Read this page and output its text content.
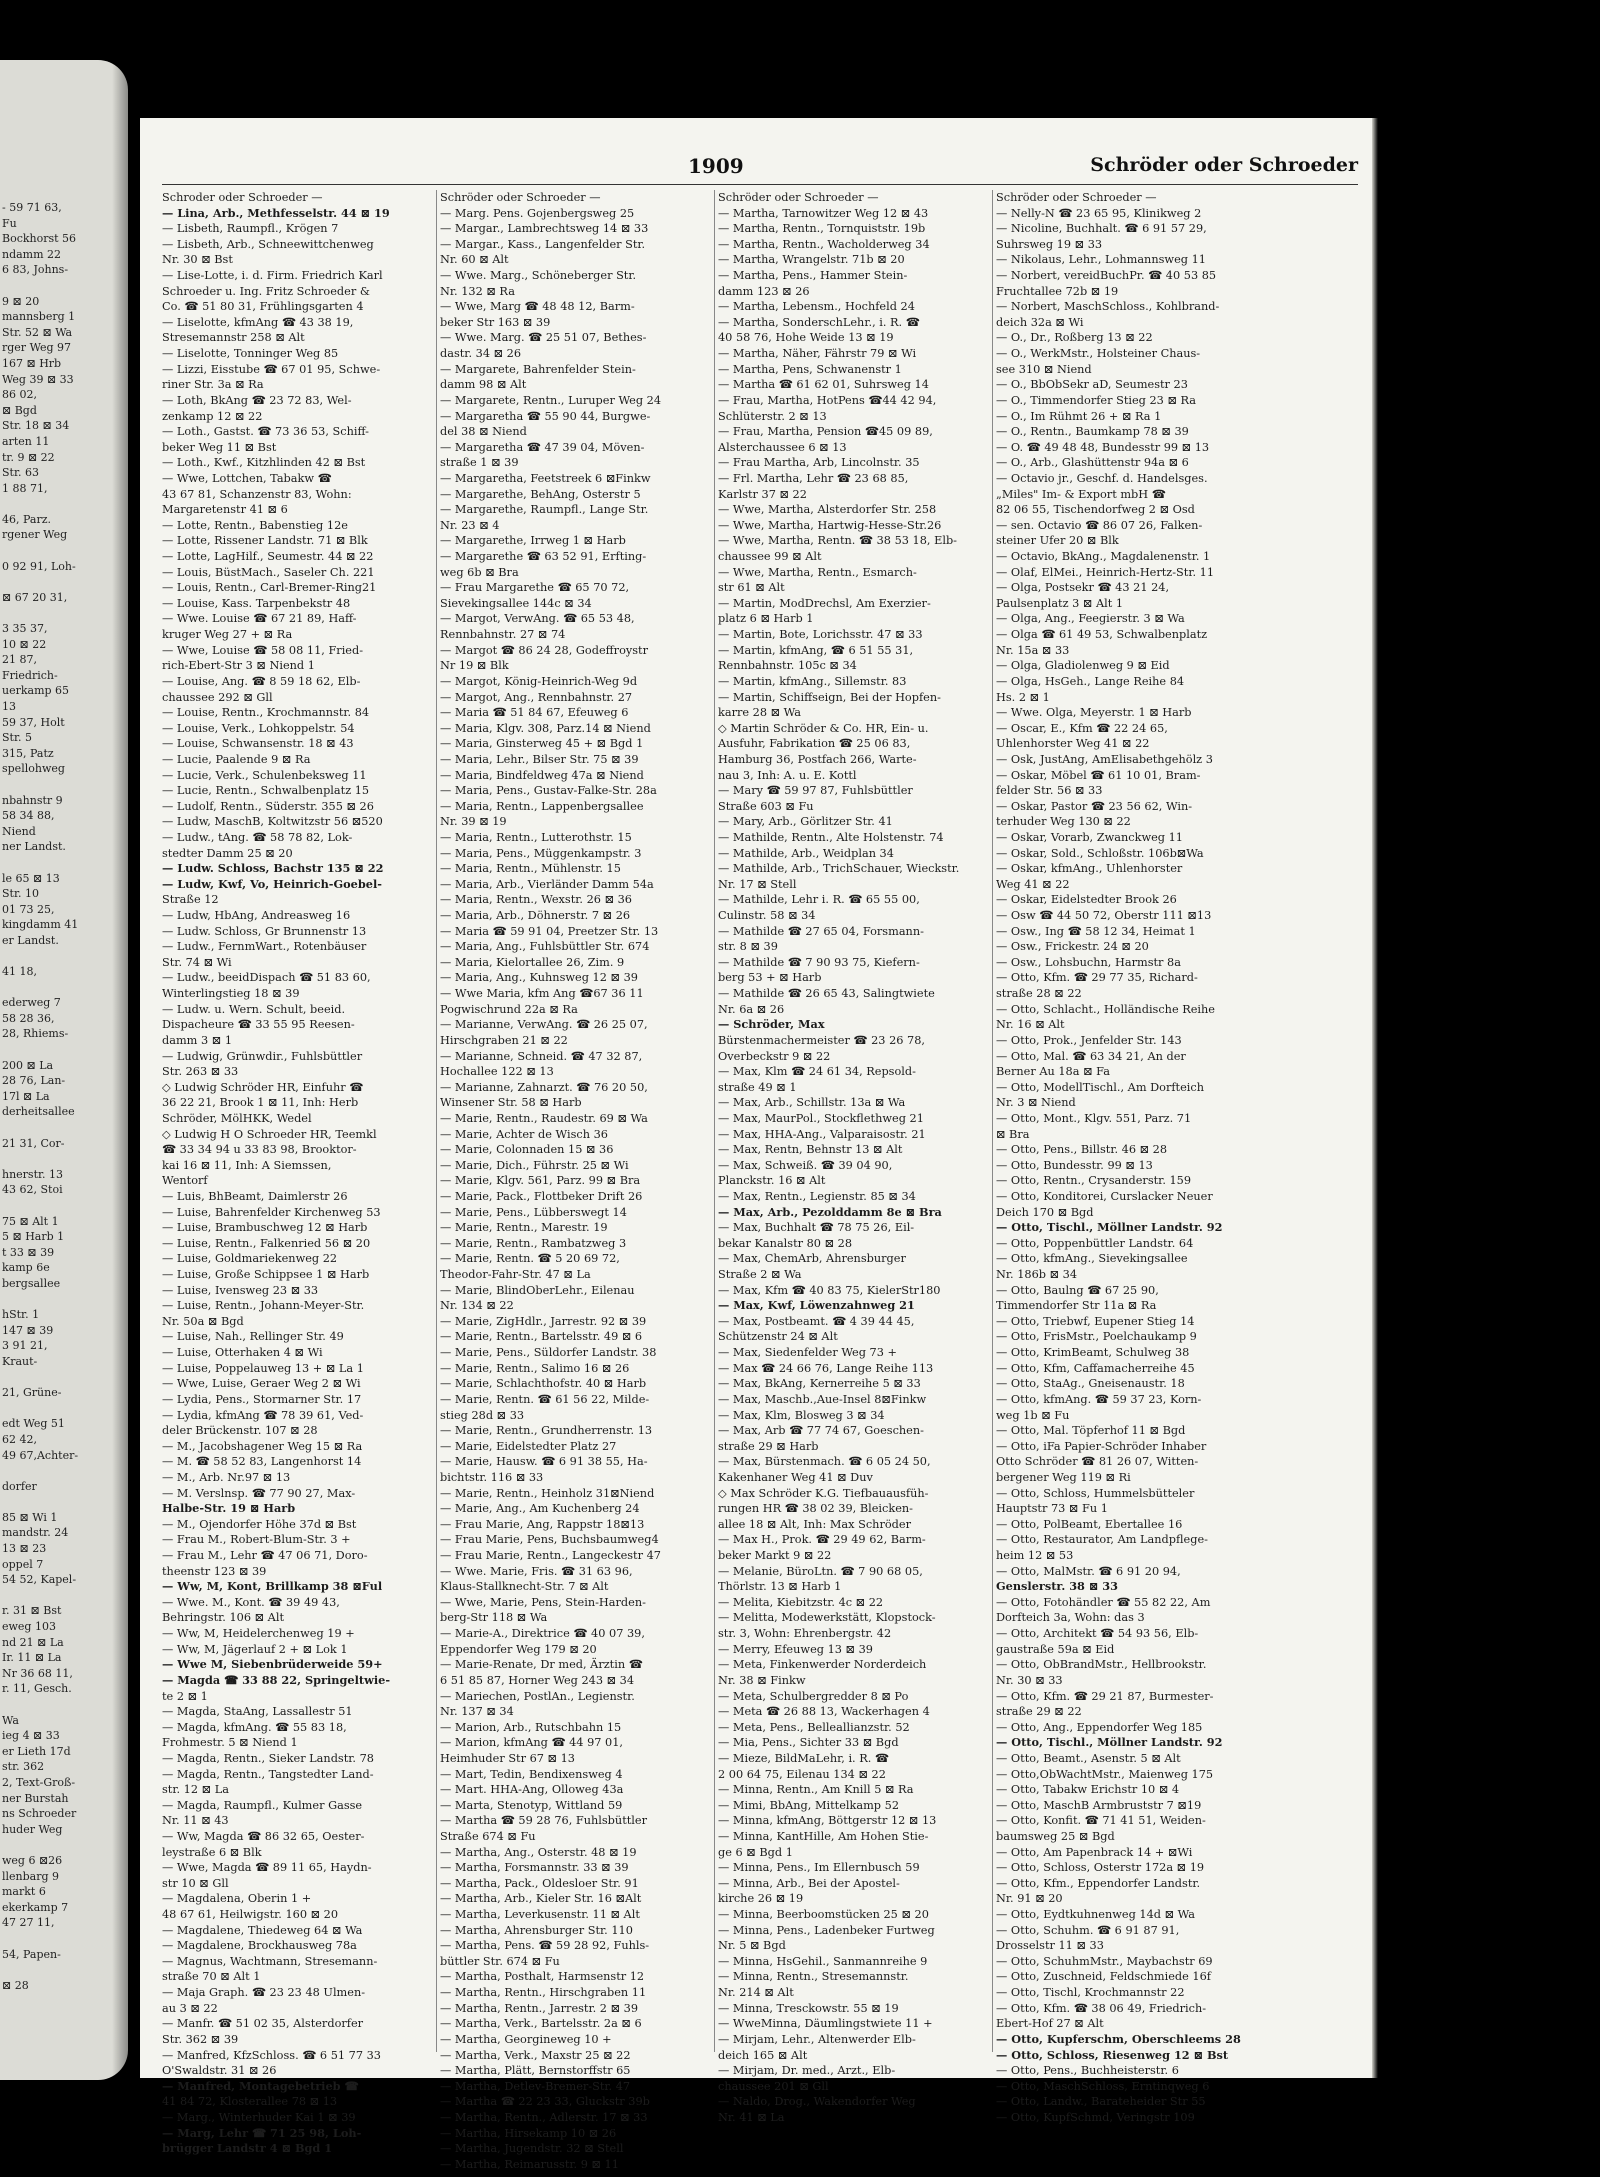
- 59 71 63,
Fu
Bockhorst 56
ndamm 22
6 83, Johns-
9 ⊠ 20
mannsberg 1
Str. 52 ⊠ Wa
rger Weg 97
167 ⊠ Hrb
Weg 39 ⊠ 33
86 02,
⊠ Bgd
Str. 18 ⊠ 34
arten 11
tr. 9 ⊠ 22
Str. 63
1 88 71,
46, Parz.
rgener Weg
0 92 91, Loh-
⊠ 67 20 31,
3 35 37,
10 ⊠ 22
21 87,
Friedrich-
uerkamp 65
13
59 37, Holt
Str. 5
315, Patz
spellohweg
nbahnstr 9
58 34 88,
Niend
ner Landst.
le 65 ⊠ 13
Str. 10
01 73 25,
kingdamm 41
er Landst.
41 18,
ederweg 7
58 28 36,
28, Rhiems-
200 ⊠ La
28 76, Lan-
17l ⊠ La
derheitsallee
21 31, Cor-
hnerstr. 13
43 62, Stoi
75 ⊠ Alt 1
5 ⊠ Harb 1
t 33 ⊠ 39
kamp 6e
bergsallee
hStr. 1
147 ⊠ 39
3 91 21,
Kraut-
21, Grüne-
edt Weg 51
62 42,
49 67,Achter-
dorfer
85 ⊠ Wi 1
mandstr. 24
13 ⊠ 23
oppel 7
54 52, Kapel-
r. 31 ⊠ Bst
eweg 103
nd 21 ⊠ La
Ir. 11 ⊠ La
Nr 36 68 11,
r. 11, Gesch.
Wa
ieg 4 ⊠ 33
er Lieth 17d
str. 362
2, Text-Groß-
ner Burstah
ns Schroeder
huder Weg
weg 6 ⊠26
llenbarg 9
markt 6
ekerkamp 7
47 27 11,
54, Papen-
⊠ 28
1909	Schröder oder Schroeder
Schroder oder Schroeder —
— Lina, Arb., Methfesselstr. 44 ⊠ 19
— Lisbeth, Raumpfl., Krögen 7
— Lisbeth, Arb., Schneewittchenweg
Nr. 30 ⊠ Bst
— Lise-Lotte, i. d. Firm. Friedrich Karl
Schroeder u. Ing. Fritz Schroeder &
Co. ☎ 51 80 31, Frühlingsgarten 4
— Liselotte, kfmAng ☎ 43 38 19,
Stresemannstr 258 ⊠ Alt
— Liselotte, Tonninger Weg 85
— Lizzi, Eisstube ☎ 67 01 95, Schwe-
riner Str. 3a ⊠ Ra
— Loth, BkAng ☎ 23 72 83, Wel-
zenkamp 12 ⊠ 22
— Loth., Gastst. ☎ 73 36 53, Schiff-
beker Weg 11 ⊠ Bst
— Loth., Kwf., Kitzhlinden 42 ⊠ Bst
— Wwe, Lottchen, Tabakw ☎
43 67 81, Schanzenstr 83, Wohn:
Margaretenstr 41 ⊠ 6
— Lotte, Rentn., Babenstieg 12e
— Lotte, Rissener Landstr. 71 ⊠ Blk
— Lotte, LagHilf., Seumestr. 44 ⊠ 22
— Louis, BüstMach., Saseler Ch. 221
— Louis, Rentn., Carl-Bremer-Ring21
— Louise, Kass. Tarpenbekstr 48
— Wwe. Louise ☎ 67 21 89, Haff-
kruger Weg 27 + ⊠ Ra
— Wwe, Louise ☎ 58 08 11, Fried-
rich-Ebert-Str 3 ⊠ Niend 1
— Louise, Ang. ☎ 8 59 18 62, Elb-
chaussee 292 ⊠ Gll
— Louise, Rentn., Krochmannstr. 84
— Louise, Verk., Lohkoppelstr. 54
— Louise, Schwansenstr. 18 ⊠ 43
— Lucie, Paalende 9 ⊠ Ra
— Lucie, Verk., Schulenbeksweg 11
— Lucie, Rentn., Schwalbenplatz 15
— Ludolf, Rentn., Süderstr. 355 ⊠ 26
— Ludw, MaschB, Koltwitzstr 56 ⊠520
— Ludw., tAng. ☎ 58 78 82, Lok-
stedter Damm 25 ⊠ 20
— Ludw. Schloss, Bachstr 135 ⊠ 22
— Ludw, Kwf, Vo, Heinrich-Goebel-
Straße 12
— Ludw, HbAng, Andreasweg 16
— Ludw. Schloss, Gr Brunnenstr 13
— Ludw., FernmWart., Rotenbäuser
Str. 74 ⊠ Wi
— Ludw., beeidDispach ☎ 51 83 60,
Winterlingstieg 18 ⊠ 39
— Ludw. u. Wern. Schult, beeid.
Dispacheure ☎ 33 55 95 Reesen-
damm 3 ⊠ 1
— Ludwig, Grünwdir., Fuhlsbüttler
Str. 263 ⊠ 33
◇ Ludwig Schröder HR, Einfuhr ☎
36 22 21, Brook 1 ⊠ 11, Inh: Herb
Schröder, MölHKK, Wedel
◇ Ludwig H O Schroeder HR, Teemkl
☎ 33 34 94 u 33 83 98, Brooktor-
kai 16 ⊠ 11, Inh: A Siemssen,
Wentorf
— Luis, BhBeamt, Daimlerstr 26
— Luise, Bahrenfelder Kirchenweg 53
— Luise, Brambuschweg 12 ⊠ Harb
— Luise, Rentn., Falkenried 56 ⊠ 20
— Luise, Goldmariekenweg 22
— Luise, Große Schippsee 1 ⊠ Harb
— Luise, Ivensweg 23 ⊠ 33
— Luise, Rentn., Johann-Meyer-Str.
Nr. 50a ⊠ Bgd
— Luise, Nah., Rellinger Str. 49
— Luise, Otterhaken 4 ⊠ Wi
— Luise, Poppelauweg 13 + ⊠ La 1
— Wwe, Luise, Geraer Weg 2 ⊠ Wi
— Lydia, Pens., Stormarner Str. 17
— Lydia, kfmAng ☎ 78 39 61, Ved-
deler Brückenstr. 107 ⊠ 28
— M., Jacobshagener Weg 15 ⊠ Ra
— M. ☎ 58 52 83, Langenhorst 14
— M., Arb. Nr.97 ⊠ 13
— M. Verslnsp. ☎ 77 90 27, Max-
Halbe-Str. 19 ⊠ Harb
— M., Ojendorfer Höhe 37d ⊠ Bst
— Frau M., Robert-Blum-Str. 3 +
— Frau M., Lehr ☎ 47 06 71, Doro-
theenstr 123 ⊠ 39
— Ww, M, Kont, Brillkamp 38 ⊠Ful
— Wwe. M., Kont. ☎ 39 49 43,
Behringstr. 106 ⊠ Alt
— Ww, M, Heidelerchenweg 19 +
— Ww, M, Jägerlauf 2 + ⊠ Lok 1
— Wwe M, Siebenbrüderweide 59+
— Magda ☎ 33 88 22, Springeltwie-
te 2 ⊠ 1
— Magda, StaAng, Lassallestr 51
— Magda, kfmAng. ☎ 55 83 18,
Frohmestr. 5 ⊠ Niend 1
— Magda, Rentn., Sieker Landstr. 78
— Magda, Rentn., Tangstedter Land-
str. 12 ⊠ La
— Magda, Raumpfl., Kulmer Gasse
Nr. 11 ⊠ 43
— Ww, Magda ☎ 86 32 65, Oester-
leystraße 6 ⊠ Blk
— Wwe, Magda ☎ 89 11 65, Haydn-
str 10 ⊠ Gll
— Magdalena, Oberin 1 +
48 67 61, Heilwigstr. 160 ⊠ 20
— Magdalene, Thiedeweg 64 ⊠ Wa
— Magdalene, Brockhausweg 78a
— Magnus, Wachtmann, Stresemann-
straße 70 ⊠ Alt 1
— Maja Graph. ☎ 23 23 48 Ulmen-
au 3 ⊠ 22
— Manfr. ☎ 51 02 35, Alsterdorfer
Str. 362 ⊠ 39
— Manfred, KfzSchloss. ☎ 6 51 77 33
O'Swaldstr. 31 ⊠ 26
— Manfred, Montagebetrieb ☎
41 84 72, Klosterallee 78 ⊠ 13
— Marg., Winterhuder Kai 1 ⊠ 39
— Marg, Lehr ☎ 71 25 98, Loh-
brügger Landstr 4 ⊠ Bgd 1
Schröder oder Schroeder —
— Marg. Pens. Gojenbergsweg 25
— Margar., Lambrechtsweg 14 ⊠ 33
— Margar., Kass., Langenfelder Str.
Nr. 60 ⊠ Alt
— Wwe. Marg., Schöneberger Str.
Nr. 132 ⊠ Ra
— Wwe, Marg ☎ 48 48 12, Barm-
beker Str 163 ⊠ 39
— Wwe. Marg. ☎ 25 51 07, Bethes-
dastr. 34 ⊠ 26
— Margarete, Bahrenfelder Stein-
damm 98 ⊠ Alt
— Margarete, Rentn., Luruper Weg 24
— Margaretha ☎ 55 90 44, Burgwe-
del 38 ⊠ Niend
— Margaretha ☎ 47 39 04, Möven-
straße 1 ⊠ 39
— Margaretha, Feetstreek 6 ⊠Finkw
— Margarethe, BehAng, Osterstr 5
— Margarethe, Raumpfl., Lange Str.
Nr. 23 ⊠ 4
— Margarethe, Irrweg 1 ⊠ Harb
— Margarethe ☎ 63 52 91, Erfting-
weg 6b ⊠ Bra
— Frau Margarethe ☎ 65 70 72,
Sievekingsallee 144c ⊠ 34
— Margot, VerwAng. ☎ 65 53 48,
Rennbahnstr. 27 ⊠ 74
— Margot ☎ 86 24 28, Godeffroystr
Nr 19 ⊠ Blk
— Margot, König-Heinrich-Weg 9d
— Margot, Ang., Rennbahnstr. 27
— Maria ☎ 51 84 67, Efeuweg 6
— Maria, Klgv. 308, Parz.14 ⊠ Niend
— Maria, Ginsterweg 45 + ⊠ Bgd 1
— Maria, Lehr., Bilser Str. 75 ⊠ 39
— Maria, Bindfeldweg 47a ⊠ Niend
— Maria, Pens., Gustav-Falke-Str. 28a
— Maria, Rentn., Lappenbergsallee
Nr. 39 ⊠ 19
— Maria, Rentn., Lutterothstr. 15
— Maria, Pens., Müggenkampstr. 3
— Maria, Rentn., Mühlenstr. 15
— Maria, Arb., Vierländer Damm 54a
— Maria, Rentn., Wexstr. 26 ⊠ 36
— Maria, Arb., Döhnerstr. 7 ⊠ 26
— Maria ☎ 59 91 04, Preetzer Str. 13
— Maria, Ang., Fuhlsbüttler Str. 674
— Maria, Kielortallee 26, Zim. 9
— Maria, Ang., Kuhnsweg 12 ⊠ 39
— Wwe Maria, kfm Ang ☎67 36 11
Pogwischrund 22a ⊠ Ra
— Marianne, VerwAng. ☎ 26 25 07,
Hirschgraben 21 ⊠ 22
— Marianne, Schneid. ☎ 47 32 87,
Hochallee 122 ⊠ 13
— Marianne, Zahnarzt. ☎ 76 20 50,
Winsener Str. 58 ⊠ Harb
— Marie, Rentn., Raudestr. 69 ⊠ Wa
— Marie, Achter de Wisch 36
— Marie, Colonnaden 15 ⊠ 36
— Marie, Dich., Führstr. 25 ⊠ Wi
— Marie, Klgv. 561, Parz. 99 ⊠ Bra
— Marie, Pack., Flottbeker Drift 26
— Marie, Pens., Lübberswegt 14
— Marie, Rentn., Marestr. 19
— Marie, Rentn., Rambatzweg 3
— Marie, Rentn. ☎ 5 20 69 72,
Theodor-Fahr-Str. 47 ⊠ La
— Marie, BlindOberLehr., Eilenau
Nr. 134 ⊠ 22
— Marie, ZigHdlr., Jarrestr. 92 ⊠ 39
— Marie, Rentn., Bartelsstr. 49 ⊠ 6
— Marie, Pens., Süldorfer Landstr. 38
— Marie, Rentn., Salimo 16 ⊠ 26
— Marie, Schlachthofstr. 40 ⊠ Harb
— Marie, Rentn. ☎ 61 56 22, Milde-
stieg 28d ⊠ 33
— Marie, Rentn., Grundherrenstr. 13
— Marie, Eidelstedter Platz 27
— Marie, Hausw. ☎ 6 91 38 55, Ha-
bichtstr. 116 ⊠ 33
— Marie, Rentn., Heinholz 31⊠Niend
— Marie, Ang., Am Kuchenberg 24
— Frau Marie, Ang, Rappstr 18⊠13
— Frau Marie, Pens, Buchsbaumweg4
— Frau Marie, Rentn., Langeckestr 47
— Wwe. Marie, Fris. ☎ 31 63 96,
Klaus-Stallknecht-Str. 7 ⊠ Alt
— Wwe, Marie, Pens, Stein-Harden-
berg-Str 118 ⊠ Wa
— Marie-A., Direktrice ☎ 40 07 39,
Eppendorfer Weg 179 ⊠ 20
— Marie-Renate, Dr med, Ärztin ☎
6 51 85 87, Horner Weg 243 ⊠ 34
— Mariechen, PostlAn., Legienstr.
Nr. 137 ⊠ 34
— Marion, Arb., Rutschbahn 15
— Marion, kfmAng ☎ 44 97 01,
Heimhuder Str 67 ⊠ 13
— Mart, Tedin, Bendixensweg 4
— Mart. HHA-Ang, Olloweg 43a
— Marta, Stenotyp, Wittland 59
— Martha ☎ 59 28 76, Fuhlsbüttler
Straße 674 ⊠ Fu
— Martha, Ang., Osterstr. 48 ⊠ 19
— Martha, Forsmannstr. 33 ⊠ 39
— Martha, Pack., Oldesloer Str. 91
— Martha, Arb., Kieler Str. 16 ⊠Alt
— Martha, Leverkusenstr. 11 ⊠ Alt
— Martha, Ahrensburger Str. 110
— Martha, Pens. ☎ 59 28 92, Fuhls-
büttler Str. 674 ⊠ Fu
— Martha, Posthalt, Harmsenstr 12
— Martha, Rentn., Hirschgraben 11
— Martha, Rentn., Jarrestr. 2 ⊠ 39
— Martha, Verk., Bartelsstr. 2a ⊠ 6
— Martha, Georgineweg 10 +
— Martha, Verk., Maxstr 25 ⊠ 22
— Martha, Plätt, Bernstorffstr 65
— Martha, Detlev-Bremer-Str. 47
— Martha ☎ 22 23 33, Gluckstr 39b
— Martha, Rentn., Adlerstr. 17 ⊠ 33
— Martha, Hirsekamp 10 ⊠ 26
— Martha, Jugendstr. 32 ⊠ Stell
— Martha, Reimarusstr. 9 ⊠ 11
Schröder oder Schroeder —
— Martha, Tarnowitzer Weg 12 ⊠ 43
— Martha, Rentn., Tornquiststr. 19b
— Martha, Rentn., Wacholderweg 34
— Martha, Wrangelstr. 71b ⊠ 20
— Martha, Pens., Hammer Stein-
damm 123 ⊠ 26
— Martha, Lebensm., Hochfeld 24
— Martha, SonderschLehr., i. R. ☎
40 58 76, Hohe Weide 13 ⊠ 19
— Martha, Näher, Fährstr 79 ⊠ Wi
— Martha, Pens, Schwanenstr 1
— Martha ☎ 61 62 01, Suhrsweg 14
— Frau, Martha, HotPens ☎44 42 94,
Schlüterstr. 2 ⊠ 13
— Frau, Martha, Pension ☎45 09 89,
Alsterchaussee 6 ⊠ 13
— Frau Martha, Arb, Lincolnstr. 35
— Frl. Martha, Lehr ☎ 23 68 85,
Karlstr 37 ⊠ 22
— Wwe, Martha, Alsterdorfer Str. 258
— Wwe, Martha, Hartwig-Hesse-Str.26
— Wwe, Martha, Rentn. ☎ 38 53 18, Elb-
chaussee 99 ⊠ Alt
— Wwe, Martha, Rentn., Esmarch-
str 61 ⊠ Alt
— Martin, ModDrechsl, Am Exerzier-
platz 6 ⊠ Harb 1
— Martin, Bote, Lorichsstr. 47 ⊠ 33
— Martin, kfmAng, ☎ 6 51 55 31,
Rennbahnstr. 105c ⊠ 34
— Martin, kfmAng., Sillemstr. 83
— Martin, Schiffseign, Bei der Hopfen-
karre 28 ⊠ Wa
◇ Martin Schröder & Co. HR, Ein- u.
Ausfuhr, Fabrikation ☎ 25 06 83,
Hamburg 36, Postfach 266, Warte-
nau 3, Inh: A. u. E. Kottl
— Mary ☎ 59 97 87, Fuhlsbüttler
Straße 603 ⊠ Fu
— Mary, Arb., Görlitzer Str. 41
— Mathilde, Rentn., Alte Holstenstr. 74
— Mathilde, Arb., Weidplan 34
— Mathilde, Arb., TrichSchauer, Wieckstr.
Nr. 17 ⊠ Stell
— Mathilde, Lehr i. R. ☎ 65 55 00,
Culinstr. 58 ⊠ 34
— Mathilde ☎ 27 65 04, Forsmann-
str. 8 ⊠ 39
— Mathilde ☎ 7 90 93 75, Kiefern-
berg 53 + ⊠ Harb
— Mathilde ☎ 26 65 43, Salingtwiete
Nr. 6a ⊠ 26
— Schröder, Max
Bürstenmachermeister ☎ 23 26 78,
Overbeckstr 9 ⊠ 22
— Max, Klm ☎ 24 61 34, Repsold-
straße 49 ⊠ 1
— Max, Arb., Schillstr. 13a ⊠ Wa
— Max, MaurPol., Stockflethweg 21
— Max, HHA-Ang., Valparaisostr. 21
— Max, Rentn, Behnstr 13 ⊠ Alt
— Max, Schweiß. ☎ 39 04 90,
Planckstr. 16 ⊠ Alt
— Max, Rentn., Legienstr. 85 ⊠ 34
— Max, Arb., Pezolddamm 8e ⊠ Bra
— Max, Buchhalt ☎ 78 75 26, Eil-
bekar Kanalstr 80 ⊠ 28
— Max, ChemArb, Ahrensburger
Straße 2 ⊠ Wa
— Max, Kfm ☎ 40 83 75, KielerStr180
— Max, Kwf, Löwenzahnweg 21
— Max, Postbeamt. ☎ 4 39 44 45,
Schützenstr 24 ⊠ Alt
— Max, Siedenfelder Weg 73 +
— Max ☎ 24 66 76, Lange Reihe 113
— Max, BkAng, Kernerreihe 5 ⊠ 33
— Max, Maschb.,Aue-Insel 8⊠Finkw
— Max, Klm, Blosweg 3 ⊠ 34
— Max, Arb ☎ 77 74 67, Goeschen-
straße 29 ⊠ Harb
— Max, Bürstenmach. ☎ 6 05 24 50,
Kakenhaner Weg 41 ⊠ Duv
◇ Max Schröder K.G. Tiefbauausfüh-
rungen HR ☎ 38 02 39, Bleicken-
allee 18 ⊠ Alt, Inh: Max Schröder
— Max H., Prok. ☎ 29 49 62, Barm-
beker Markt 9 ⊠ 22
— Melanie, BüroLtn. ☎ 7 90 68 05,
Thörlstr. 13 ⊠ Harb 1
— Melita, Kiebitzstr. 4c ⊠ 22
— Melitta, Modewerkstätt, Klopstock-
str. 3, Wohn: Ehrenbergstr. 42
— Merry, Efeuweg 13 ⊠ 39
— Meta, Finkenwerder Norderdeich
Nr. 38 ⊠ Finkw
— Meta, Schulbergredder 8 ⊠ Po
— Meta ☎ 26 88 13, Wackerhagen 4
— Meta, Pens., Belleallianzstr. 52
— Mia, Pens., Sichter 33 ⊠ Bgd
— Mieze, BildMaLehr, i. R. ☎
2 00 64 75, Eilenau 134 ⊠ 22
— Minna, Rentn., Am Knill 5 ⊠ Ra
— Mimi, BbAng, Mittelkamp 52
— Minna, kfmAng, Böttgerstr 12 ⊠ 13
— Minna, KantHille, Am Hohen Stie-
ge 6 ⊠ Bgd 1
— Minna, Pens., Im Ellernbusch 59
— Minna, Arb., Bei der Apostel-
kirche 26 ⊠ 19
— Minna, Beerboomstücken 25 ⊠ 20
— Minna, Pens., Ladenbeker Furtweg
Nr. 5 ⊠ Bgd
— Minna, HsGehil., Sanmannreihe 9
— Minna, Rentn., Stresemannstr.
Nr. 214 ⊠ Alt
— Minna, Tresckowstr. 55 ⊠ 19
— WweMinna, Däumlingstwiete 11 +
— Mirjam, Lehr., Altenwerder Elb-
deich 165 ⊠ Alt
— Mirjam, Dr. med., Arzt., Elb-
chaussee 201 ⊠ Gll
— Naldo, Drog., Wakendorfer Weg
Nr. 41 ⊠ La
Schröder oder Schroeder —
— Nelly-N ☎ 23 65 95, Klinikweg 2
— Nicoline, Buchhalt. ☎ 6 91 57 29,
Suhrsweg 19 ⊠ 33
— Nikolaus, Lehr., Lohmannsweg 11
— Norbert, vereidBuchPr. ☎ 40 53 85
Fruchtallee 72b ⊠ 19
— Norbert, MaschSchloss., Kohlbrand-
deich 32a ⊠ Wi
— O., Dr., Roßberg 13 ⊠ 22
— O., WerkMstr., Holsteiner Chaus-
see 310 ⊠ Niend
— O., BbObSekr aD, Seumestr 23
— O., Timmendorfer Stieg 23 ⊠ Ra
— O., Im Rühmt 26 + ⊠ Ra 1
— O., Rentn., Baumkamp 78 ⊠ 39
— O. ☎ 49 48 48, Bundesstr 99 ⊠ 13
— O., Arb., Glashüttenstr 94a ⊠ 6
— Octavio jr., Geschf. d. Handelsges.
„Miles" Im- & Export mbH ☎
82 06 55, Tischendorfweg 2 ⊠ Osd
— sen. Octavio ☎ 86 07 26, Falken-
steiner Ufer 20 ⊠ Blk
— Octavio, BkAng., Magdalenenstr. 1
— Olaf, ElMei., Heinrich-Hertz-Str. 11
— Olga, Postsekr ☎ 43 21 24,
Paulsenplatz 3 ⊠ Alt 1
— Olga, Ang., Feegierstr. 3 ⊠ Wa
— Olga ☎ 61 49 53, Schwalbenplatz
Nr. 15a ⊠ 33
— Olga, Gladiolenweg 9 ⊠ Eid
— Olga, HsGeh., Lange Reihe 84
Hs. 2 ⊠ 1
— Wwe. Olga, Meyerstr. 1 ⊠ Harb
— Oscar, E., Kfm ☎ 22 24 65,
Uhlenhorster Weg 41 ⊠ 22
— Osk, JustAng, AmElisabethgehölz 3
— Oskar, Möbel ☎ 61 10 01, Bram-
felder Str. 56 ⊠ 33
— Oskar, Pastor ☎ 23 56 62, Win-
terhuder Weg 130 ⊠ 22
— Oskar, Vorarb, Zwanckweg 11
— Oskar, Sold., Schloßstr. 106b⊠Wa
— Oskar, kfmAng., Uhlenhorster
Weg 41 ⊠ 22
— Oskar, Eidelstedter Brook 26
— Osw ☎ 44 50 72, Oberstr 111 ⊠13
— Osw., Ing ☎ 58 12 34, Heimat 1
— Osw., Frickestr. 24 ⊠ 20
— Osw., Lohsbuchn, Harmstr 8a
— Otto, Kfm. ☎ 29 77 35, Richard-
straße 28 ⊠ 22
— Otto, Schlacht., Holländische Reihe
Nr. 16 ⊠ Alt
— Otto, Prok., Jenfelder Str. 143
— Otto, Mal. ☎ 63 34 21, An der
Berner Au 18a ⊠ Fa
— Otto, ModellTischl., Am Dorfteich
Nr. 3 ⊠ Niend
— Otto, Mont., Klgv. 551, Parz. 71
⊠ Bra
— Otto, Pens., Billstr. 46 ⊠ 28
— Otto, Bundesstr. 99 ⊠ 13
— Otto, Rentn., Crysanderstr. 159
— Otto, Konditorei, Curslacker Neuer
Deich 170 ⊠ Bgd
— Otto, Tischl., Möllner Landstr. 92
— Otto, Poppenbüttler Landstr. 64
— Otto, kfmAng., Sievekingsallee
Nr. 186b ⊠ 34
— Otto, Baulng ☎ 67 25 90,
Timmendorfer Str 11a ⊠ Ra
— Otto, Triebwf, Eupener Stieg 14
— Otto, FrisMstr., Poelchaukamp 9
— Otto, KrimBeamt, Schulweg 38
— Otto, Kfm, Caffamacherreihe 45
— Otto, StaAg., Gneisenaustr. 18
— Otto, kfmAng. ☎ 59 37 23, Korn-
weg 1b ⊠ Fu
— Otto, Mal. Töpferhof 11 ⊠ Bgd
— Otto, iFa Papier-Schröder Inhaber
Otto Schröder ☎ 81 26 07, Witten-
bergener Weg 119 ⊠ Ri
— Otto, Schloss, Hummelsbütteler
Hauptstr 73 ⊠ Fu 1
— Otto, PolBeamt, Ebertallee 16
— Otto, Restaurator, Am Landpflege-
heim 12 ⊠ 53
— Otto, MalMstr. ☎ 6 91 20 94,
Genslerstr. 38 ⊠ 33
— Otto, Fotohändler ☎ 55 82 22, Am
Dorfteich 3a, Wohn: das 3
— Otto, Architekt ☎ 54 93 56, Elb-
gaustraße 59a ⊠ Eid
— Otto, ObBrandMstr., Hellbrookstr.
Nr. 30 ⊠ 33
— Otto, Kfm. ☎ 29 21 87, Burmester-
straße 29 ⊠ 22
— Otto, Ang., Eppendorfer Weg 185
— Otto, Tischl., Möllner Landstr. 92
— Otto, Beamt., Asenstr. 5 ⊠ Alt
— Otto,ObWachtMstr., Maienweg 175
— Otto, Tabakw Erichstr 10 ⊠ 4
— Otto, MaschB Armbruststr 7 ⊠19
— Otto, Konfit. ☎ 71 41 51, Weiden-
baumsweg 25 ⊠ Bgd
— Otto, Am Papenbrack 14 + ⊠Wi
— Otto, Schloss, Osterstr 172a ⊠ 19
— Otto, Kfm., Eppendorfer Landstr.
Nr. 91 ⊠ 20
— Otto, Eydtkuhnenweg 14d ⊠ Wa
— Otto, Schuhm. ☎ 6 91 87 91,
Drosselstr 11 ⊠ 33
— Otto, SchuhmMstr., Maybachstr 69
— Otto, Zuschneid, Feldschmiede 16f
— Otto, Tischl, Krochmannstr 22
— Otto, Kfm. ☎ 38 06 49, Friedrich-
Ebert-Hof 27 ⊠ Alt
— Otto, Kupferschm, Oberschleems 28
— Otto, Schloss, Riesenweg 12 ⊠ Bst
— Otto, Pens., Buchheisterstr. 6
— Otto, MaschSchloss, Erntinqweg 6
— Otto, Landw., Barateheider Str 55
— Otto, KupfSchmd, Veringstr 109
